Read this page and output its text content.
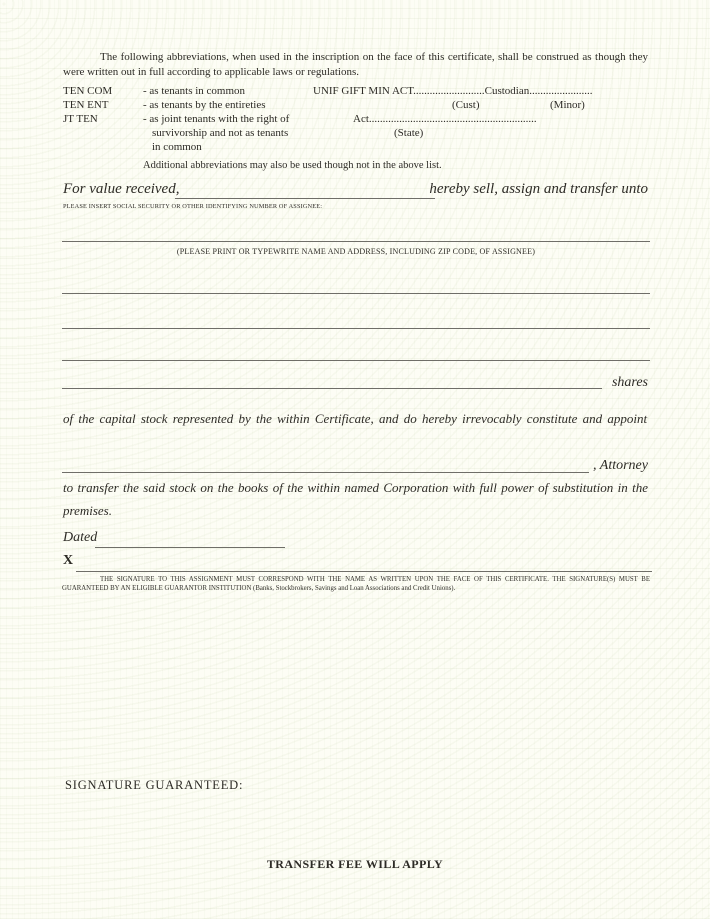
The following abbreviations, when used in the inscription on the face of this certificate, shall be construed as though they were written out in full according to applicable laws or regulations.
TEN COM	- as tenants in common	UNIF GIFT MIN ACT..........................Custodian.......................
TEN ENT	- as tenants by the entireties	(Cust)	(Minor)
JT TEN	- as joint tenants with the right of	Act.............................................................
survivorship and not as tenants	(State)
in common
Additional abbreviations may also be used though not in the above list.
For value received,	hereby sell, assign and transfer unto
PLEASE INSERT SOCIAL SECURITY OR OTHER IDENTIFYING NUMBER OF ASSIGNEE:
(PLEASE PRINT OR TYPEWRITE NAME AND ADDRESS, INCLUDING ZIP CODE, OF ASSIGNEE)
shares
of the capital stock represented by the within Certificate, and do hereby irrevocably constitute and appoint
, Attorney
to transfer the said stock on the books of the within named Corporation with full power of substitution in the premises.
Dated
X
THE SIGNATURE TO THIS ASSIGNMENT MUST CORRESPOND WITH THE NAME AS WRITTEN UPON THE FACE OF THIS CERTIFICATE. THE SIGNATURE(S) MUST BE GUARANTEED BY AN ELIGIBLE GUARANTOR INSTITUTION (Banks, Stockbrokers, Savings and Loan Associations and Credit Unions).
SIGNATURE GUARANTEED:
TRANSFER FEE WILL APPLY
